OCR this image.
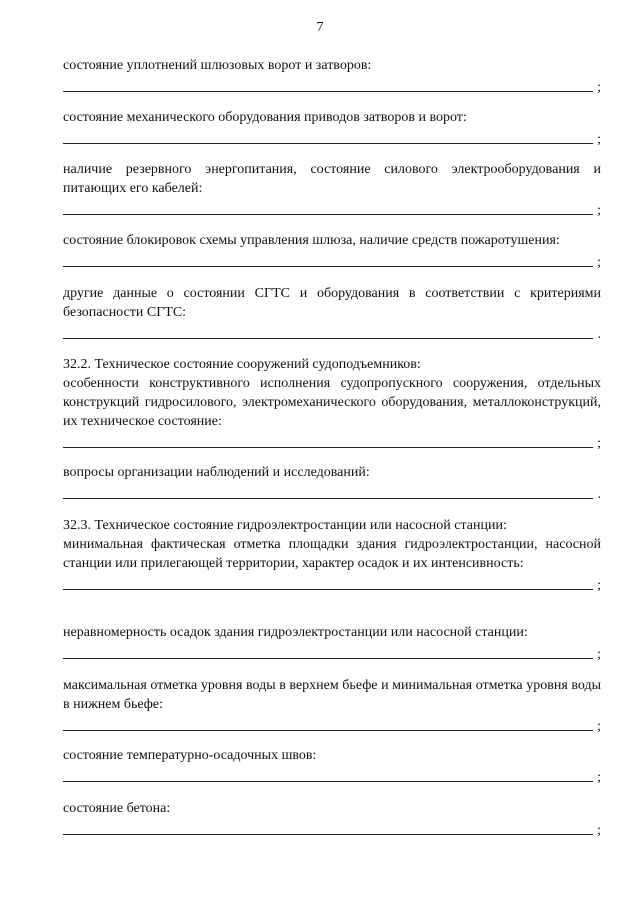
7
состояние уплотнений шлюзовых ворот и затворов:
;
состояние механического оборудования приводов затворов и ворот:
;
наличие резервного энергопитания, состояние силового электрооборудования и питающих его кабелей:
;
состояние блокировок схемы управления шлюза, наличие средств пожаротушения:
;
другие данные о состоянии СГТС и оборудования в соответствии с критериями безопасности СГТС:
.
32.2. Техническое состояние сооружений судоподъемников:
особенности конструктивного исполнения судопропускного сооружения, отдельных конструкций гидросилового, электромеханического оборудования, металлоконструкций, их техническое состояние:
;
вопросы организации наблюдений и исследований:
.
32.3. Техническое состояние гидроэлектростанции или насосной станции:
минимальная фактическая отметка площадки здания гидроэлектростанции, насосной станции или прилегающей территории, характер осадок и их интенсивность:
;
неравномерность осадок здания гидроэлектростанции или насосной станции:
;
максимальная отметка уровня воды в верхнем бьефе и минимальная отметка уровня воды в нижнем бьефе:
;
состояние температурно-осадочных швов:
;
состояние бетона:
;
